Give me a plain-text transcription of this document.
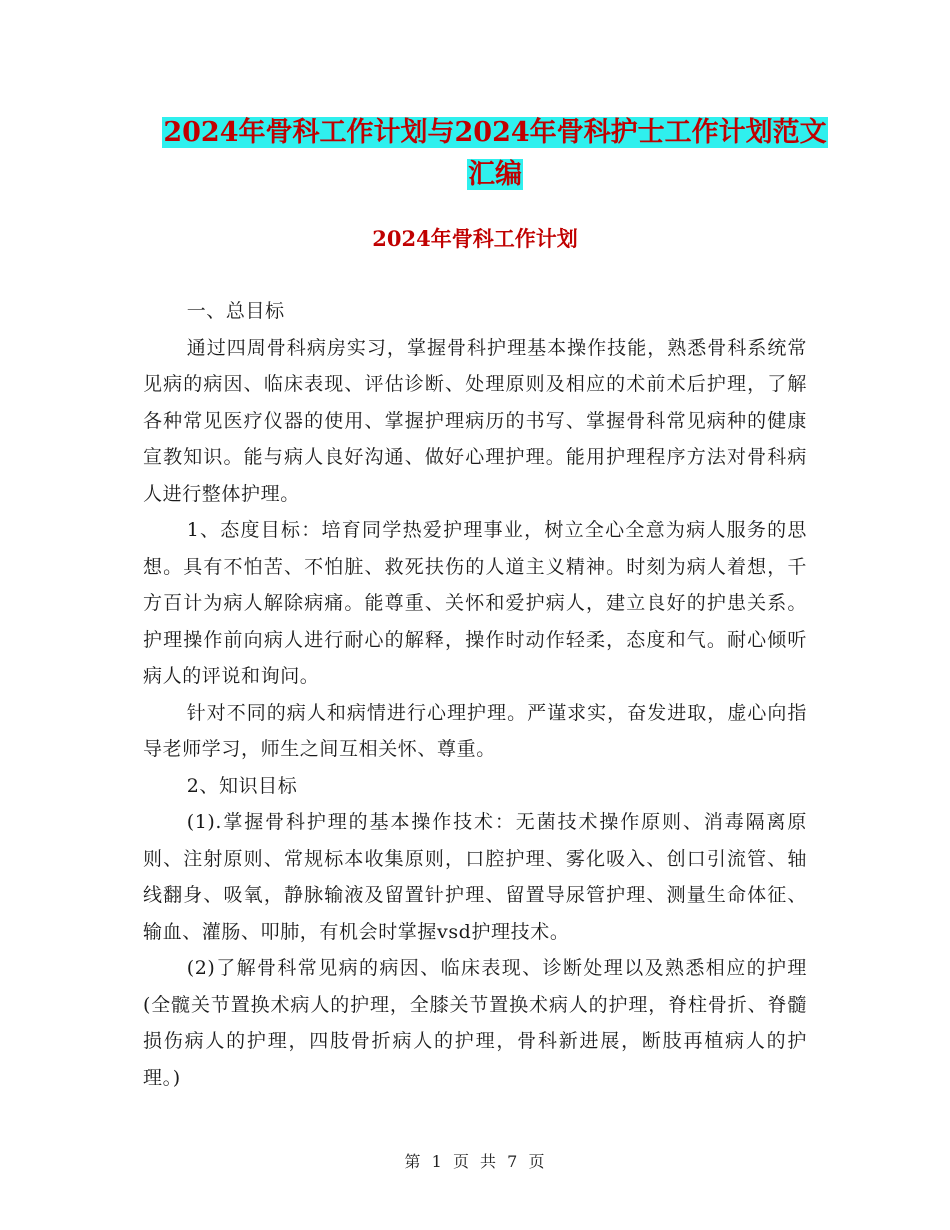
2024年骨科工作计划与2024年骨科护士工作计划范文
汇编
2024年骨科工作计划

一、总目标

通过四周骨科病房实习，掌握骨科护理基本操作技能，熟悉骨科系统常见病的病因、临床表现、评估诊断、处理原则及相应的术前术后护理，了解各种常见医疗仪器的使用、掌握护理病历的书写、掌握骨科常见病种的健康宣教知识。能与病人良好沟通、做好心理护理。能用护理程序方法对骨科病人进行整体护理。

1、态度目标：培育同学热爱护理事业，树立全心全意为病人服务的思想。具有不怕苦、不怕脏、救死扶伤的人道主义精神。时刻为病人着想，千方百计为病人解除病痛。能尊重、关怀和爱护病人，建立良好的护患关系。护理操作前向病人进行耐心的解释，操作时动作轻柔，态度和气。耐心倾听病人的评说和询问。

针对不同的病人和病情进行心理护理。严谨求实，奋发进取，虚心向指导老师学习，师生之间互相关怀、尊重。

2、知识目标

(1).掌握骨科护理的基本操作技术：无菌技术操作原则、消毒隔离原则、注射原则、常规标本收集原则，口腔护理、雾化吸入、创口引流管、轴线翻身、吸氧，静脉输液及留置针护理、留置导尿管护理、测量生命体征、输血、灌肠、叩肺，有机会时掌握vsd护理技术。

(2)了解骨科常见病的病因、临床表现、诊断处理以及熟悉相应的护理(全髋关节置换术病人的护理，全膝关节置换术病人的护理，脊柱骨折、脊髓损伤病人的护理，四肢骨折病人的护理，骨科新进展，断肢再植病人的护理。)

第 1 页 共 7 页
